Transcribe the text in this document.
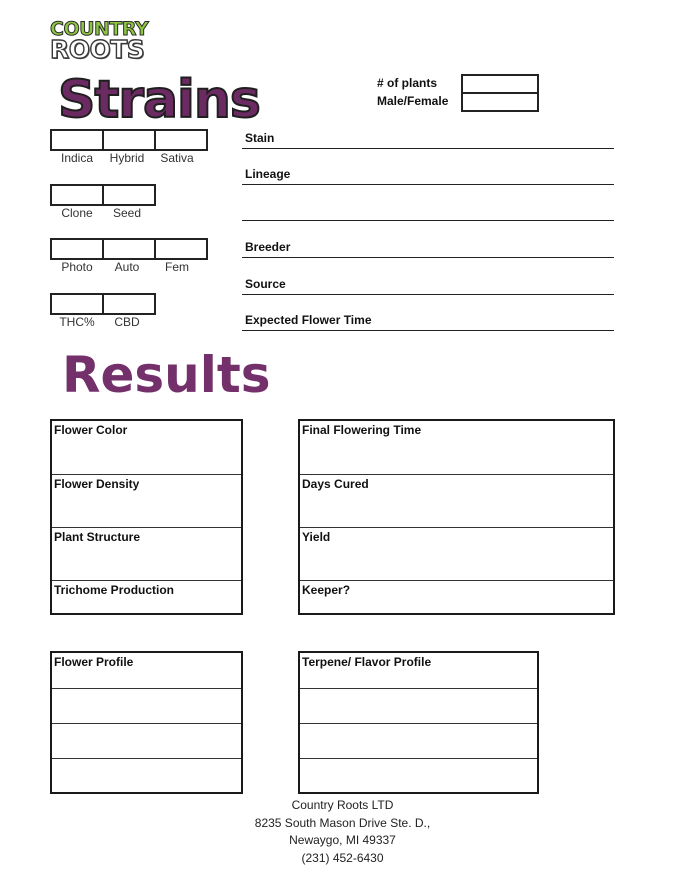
COUNTRY
ROOTS
Strains	# of plants
Male/Female
Indica	Hybrid	Sativa
Clone	Seed
Photo	Auto	Fem
THC%	CBD
Stain
Lineage
Breeder
Source
Expected Flower Time
Results
Flower Color
Flower Density
Plant Structure
Trichome Production
Final Flowering Time
Days Cured
Yield
Keeper?
Flower Profile	Terpene/ Flavor Profile
Country Roots LTD
8235 South Mason Drive Ste. D.,
Newaygo, MI 49337
(231) 452-6430
